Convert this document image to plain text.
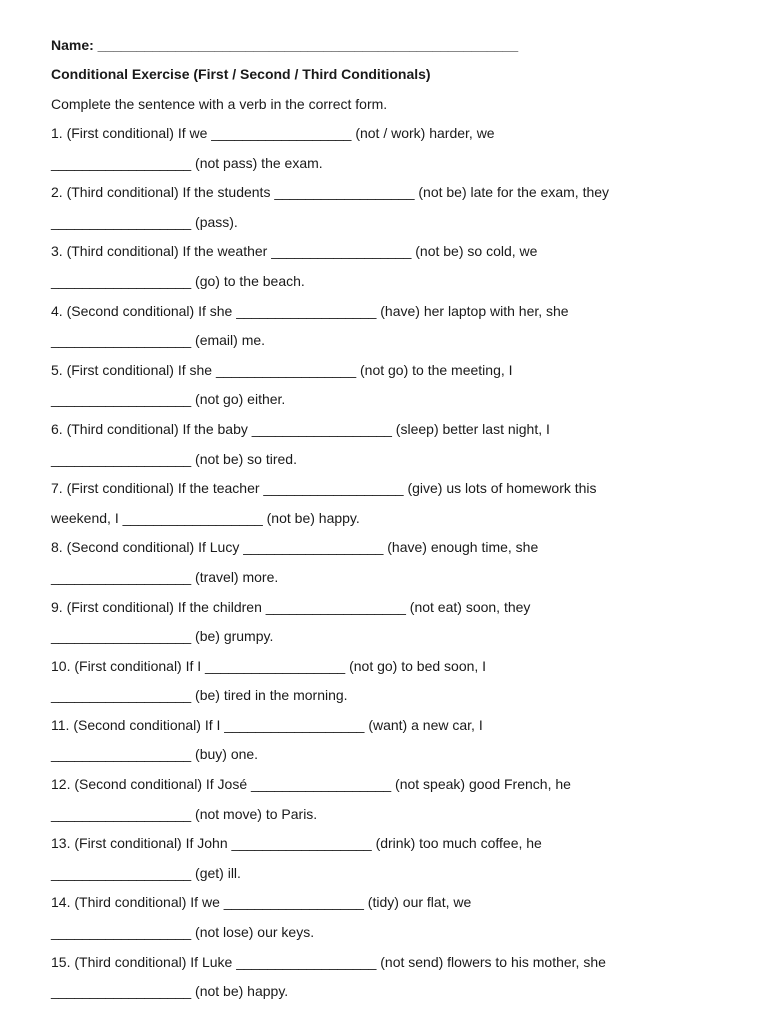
Name: ______________________________________________________
Conditional Exercise (First / Second / Third Conditionals)
Complete the sentence with a verb in the correct form.
1. (First conditional) If we __________________ (not / work) harder, we
__________________ (not pass) the exam.
2. (Third conditional) If the students __________________ (not be) late for the exam, they
__________________ (pass).
3. (Third conditional) If the weather __________________ (not be) so cold, we
__________________ (go) to the beach.
4. (Second conditional) If she __________________ (have) her laptop with her, she
__________________ (email) me.
5. (First conditional) If she __________________ (not go) to the meeting, I
__________________ (not go) either.
6. (Third conditional) If the baby __________________ (sleep) better last night, I
__________________ (not be) so tired.
7. (First conditional) If the teacher __________________ (give) us lots of homework this
weekend, I __________________ (not be) happy.
8. (Second conditional) If Lucy __________________ (have) enough time, she
__________________ (travel) more.
9. (First conditional) If the children __________________ (not eat) soon, they
__________________ (be) grumpy.
10. (First conditional) If I __________________ (not go) to bed soon, I
__________________ (be) tired in the morning.
11. (Second conditional) If I __________________ (want) a new car, I
__________________ (buy) one.
12. (Second conditional) If José __________________ (not speak) good French, he
__________________ (not move) to Paris.
13. (First conditional) If John __________________ (drink) too much coffee, he
__________________ (get) ill.
14. (Third conditional) If we __________________ (tidy) our flat, we
__________________ (not lose) our keys.
15. (Third conditional) If Luke __________________ (not send) flowers to his mother, she
__________________ (not be) happy.
